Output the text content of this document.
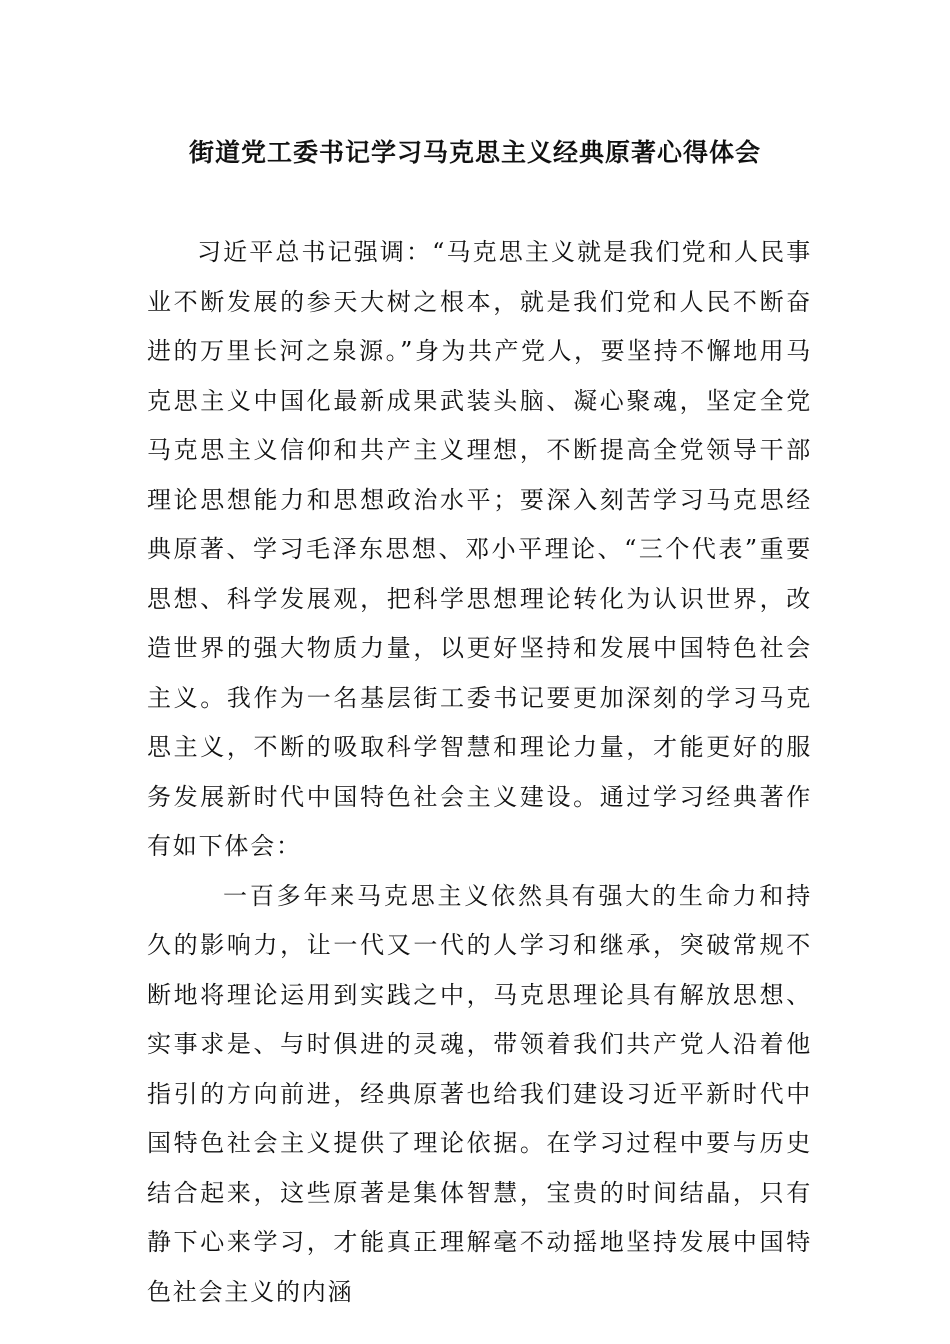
街道党工委书记学习马克思主义经典原著心得体会

习近平总书记强调：“马克思主义就是我们党和人民事业不断发展的参天大树之根本，就是我们党和人民不断奋进的万里长河之泉源。”身为共产党人，要坚持不懈地用马克思主义中国化最新成果武装头脑、凝心聚魂，坚定全党马克思主义信仰和共产主义理想，不断提高全党领导干部理论思想能力和思想政治水平；要深入刻苦学习马克思经典原著、学习毛泽东思想、邓小平理论、“三个代表”重要思想、科学发展观，把科学思想理论转化为认识世界，改造世界的强大物质力量，以更好坚持和发展中国特色社会主义。我作为一名基层街工委书记要更加深刻的学习马克思主义，不断的吸取科学智慧和理论力量，才能更好的服务发展新时代中国特色社会主义建设。通过学习经典著作有如下体会：

一百多年来马克思主义依然具有强大的生命力和持久的影响力，让一代又一代的人学习和继承，突破常规不断地将理论运用到实践之中，马克思理论具有解放思想、实事求是、与时俱进的灵魂，带领着我们共产党人沿着他指引的方向前进，经典原著也给我们建设习近平新时代中国特色社会主义提供了理论依据。在学习过程中要与历史结合起来，这些原著是集体智慧，宝贵的时间结晶，只有静下心来学习，才能真正理解毫不动摇地坚持发展中国特色社会主义的内涵
